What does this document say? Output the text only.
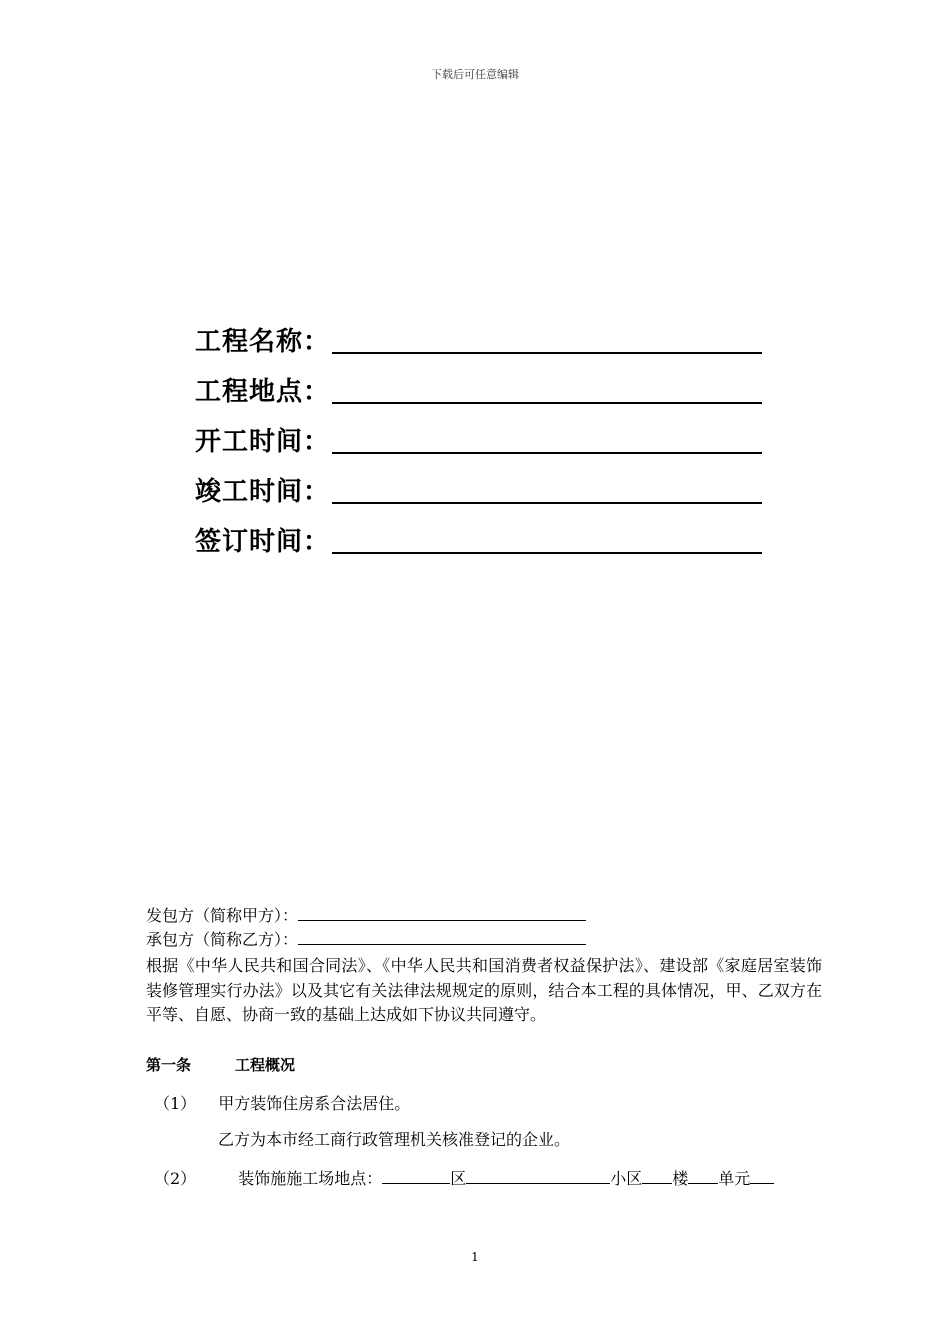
下载后可任意编辑
工程名称：
工程地点：
开工时间：
竣工时间：
签订时间：
发包方（简称甲方）：
承包方（简称乙方）：
根据《中华人民共和国合同法》、《中华人民共和国消费者权益保护法》、建设部《家庭居室装饰装修管理实行办法》以及其它有关法律法规规定的原则，结合本工程的具体情况，甲、乙双方在平等、自愿、协商一致的基础上达成如下协议共同遵守。
第一条	工程概况
（1） 甲方装饰住房系合法居住。
乙方为本市经工商行政管理机关核准登记的企业。
（2）	装饰施施工场地点：	区	小区 楼 单元
1
